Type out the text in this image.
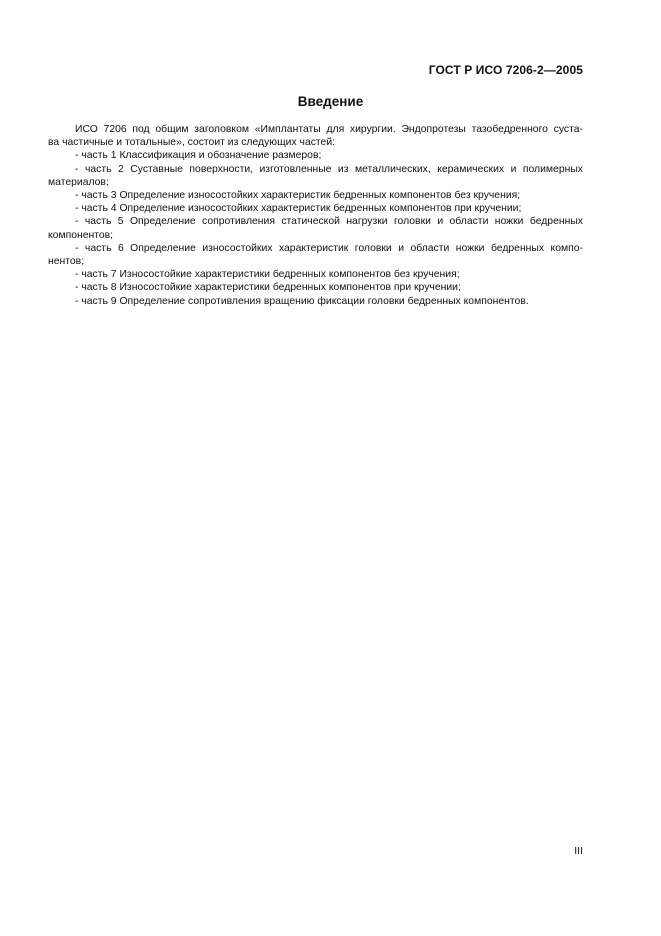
ГОСТ Р ИСО 7206-2—2005
Введение
ИСО 7206 под общим заголовком «Имплантаты для хирургии. Эндопротезы тазобедренного суста-
ва частичные и тотальные», состоит из следующих частей:
- часть 1 Классификация и обозначение размеров;
- часть 2 Суставные поверхности, изготовленные из металлических, керамических и полимерных
материалов;
- часть 3 Определение износостойких характеристик бедренных компонентов без кручения;
- часть 4 Определение износостойких характеристик бедренных компонентов при кручении;
- часть 5 Определение сопротивления статической нагрузки головки и области ножки бедренных
компонентов;
- часть 6 Определение износостойких характеристик головки и области ножки бедренных компо-
нентов;
- часть 7 Износостойкие характеристики бедренных компонентов без кручения;
- часть 8 Износостойкие характеристики бедренных компонентов при кручении;
- часть 9 Определение сопротивления вращению фиксации головки бедренных компонентов.
III
